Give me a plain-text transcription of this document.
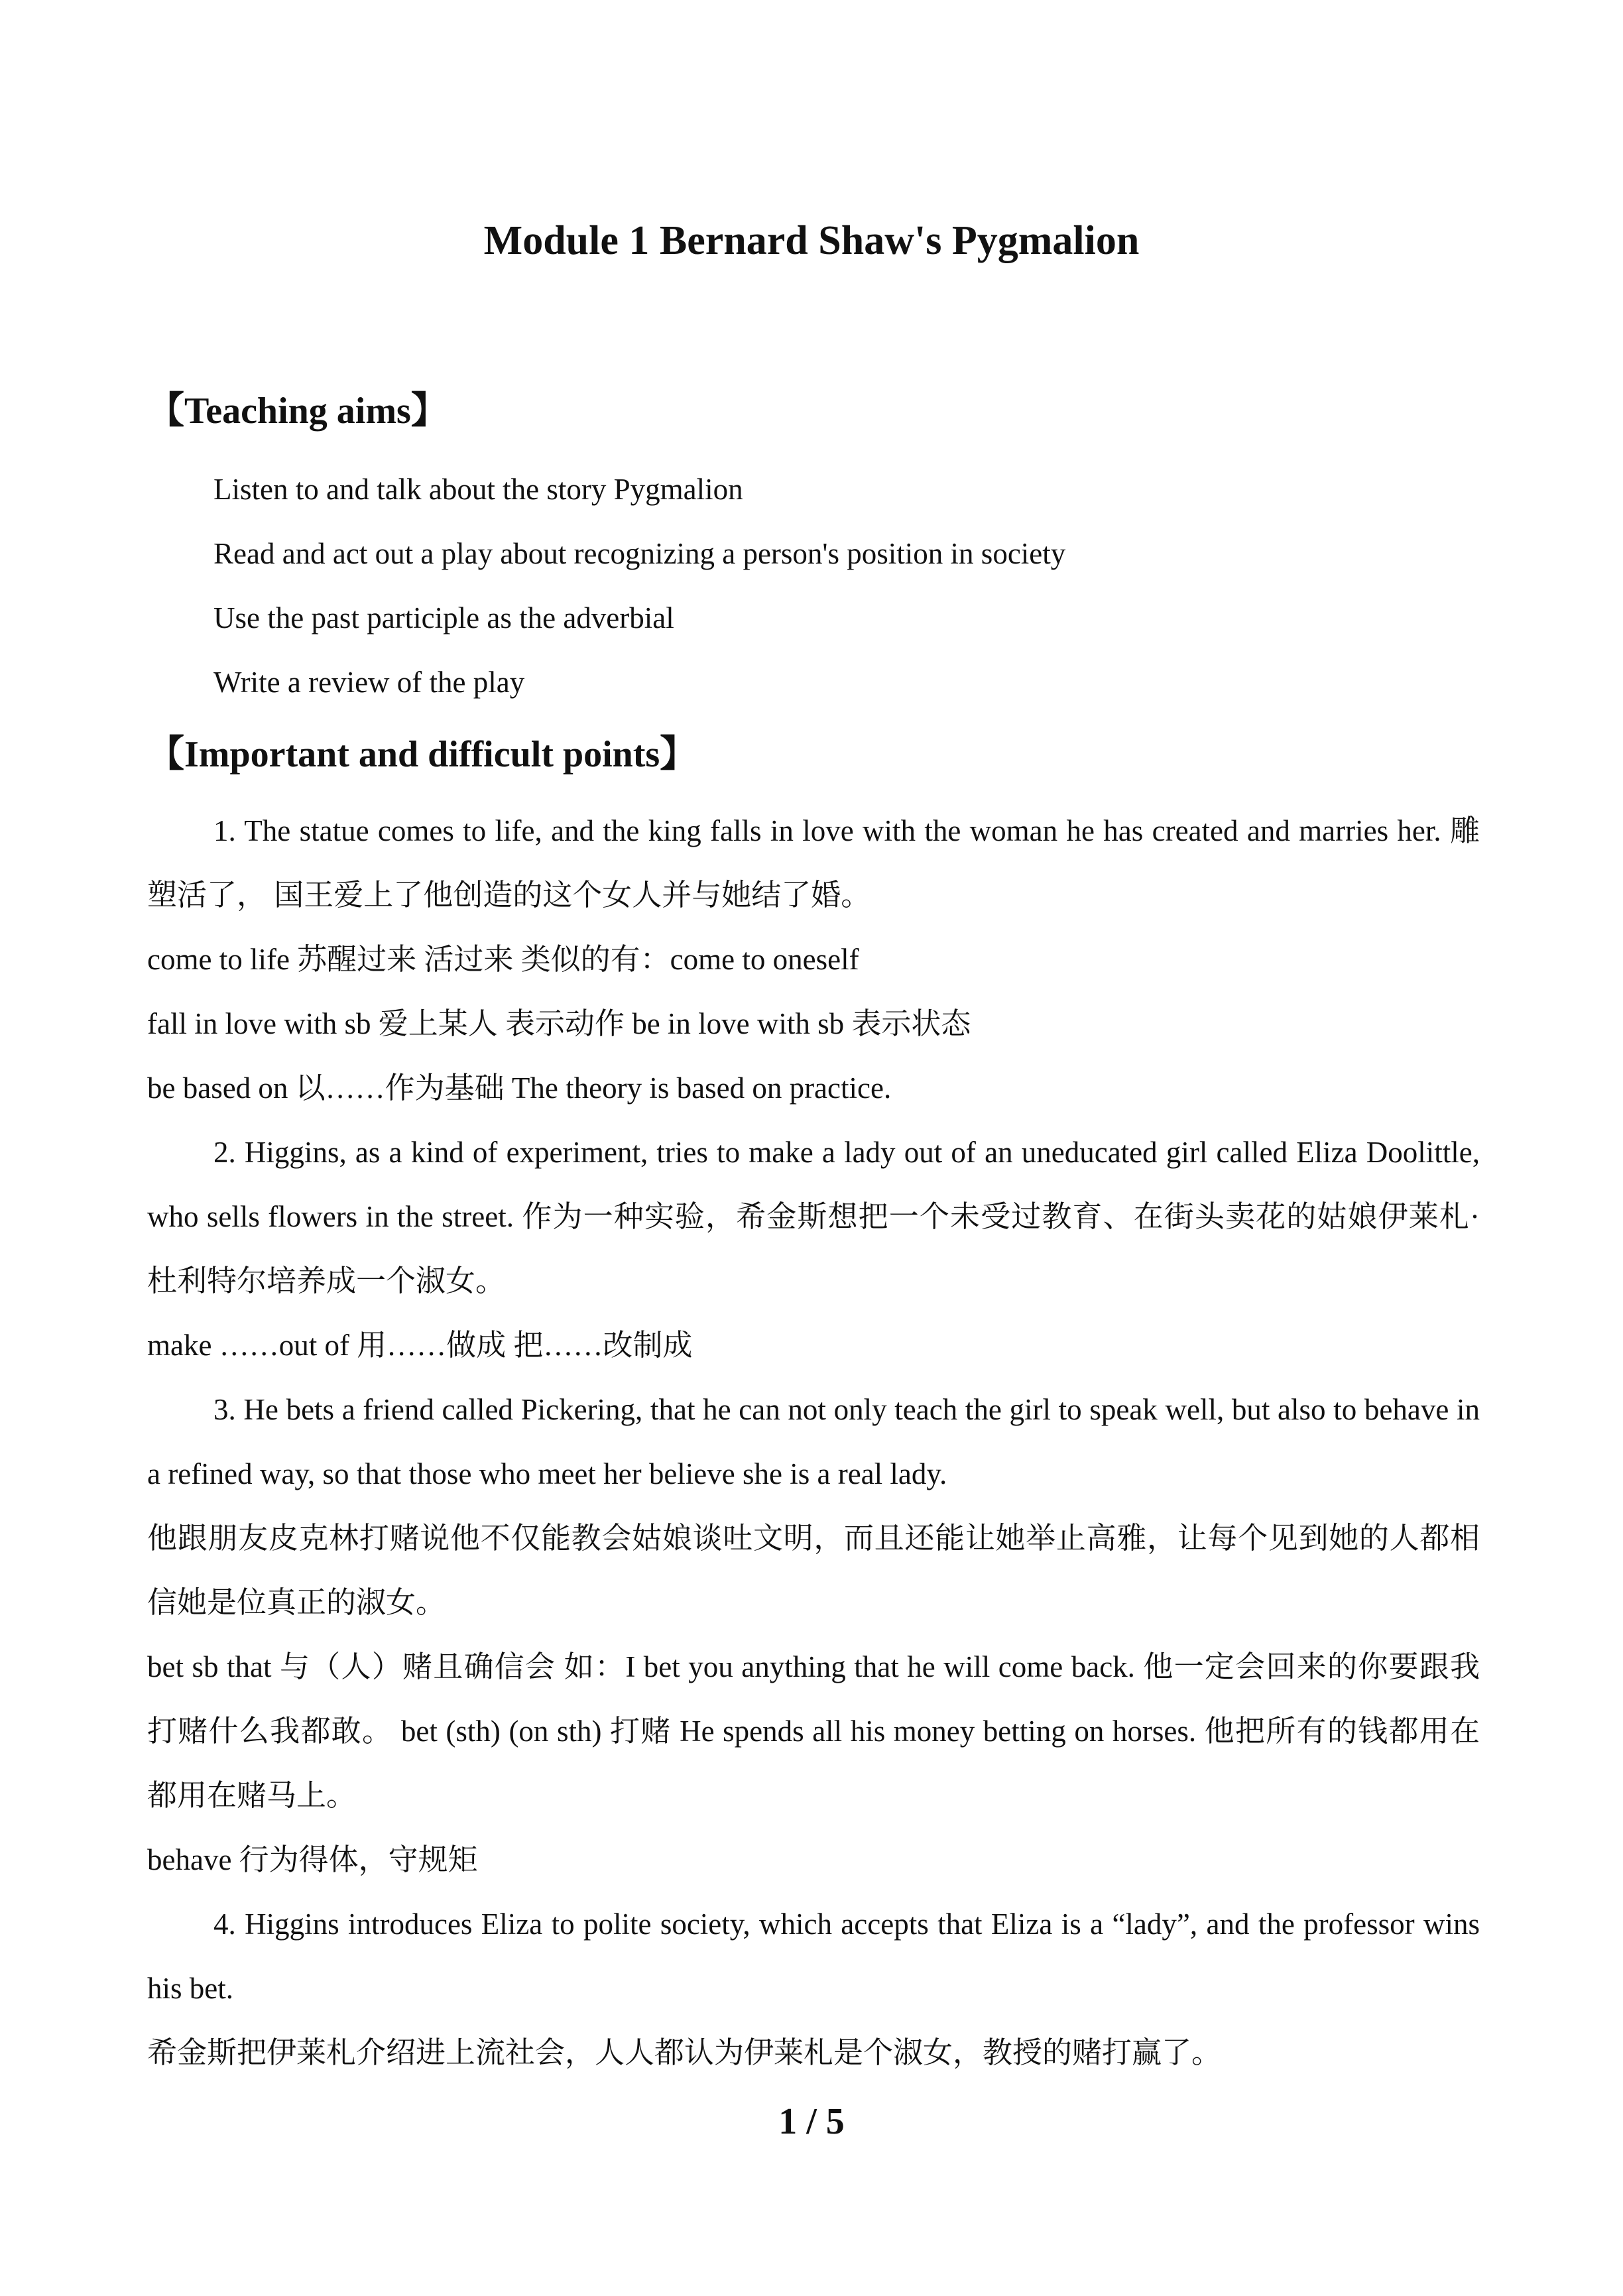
Module 1 Bernard Shaw's Pygmalion
【Teaching aims】

Listen to and talk about the story Pygmalion

Read and act out a play about recognizing a person's position in society

Use the past participle as the adverbial

Write a review of the play

【Important and difficult points】

1. The statue comes to life, and the king falls in love with the woman he has created and marries her. 雕塑活了， 国王爱上了他创造的这个女人并与她结了婚。

come to life 苏醒过来 活过来 类似的有：come to oneself

fall in love with sb 爱上某人 表示动作 be in love with sb 表示状态

be based on 以……作为基础 The theory is based on practice.

2. Higgins, as a kind of experiment, tries to make a lady out of an uneducated girl called Eliza Doolittle, who sells flowers in the street. 作为一种实验，希金斯想把一个未受过教育、在街头卖花的姑娘伊莱札·杜利特尔培养成一个淑女。

make ……out of 用……做成 把……改制成

3. He bets a friend called Pickering, that he can not only teach the girl to speak well, but also to behave in a refined way, so that those who meet her believe she is a real lady.

他跟朋友皮克林打赌说他不仅能教会姑娘谈吐文明，而且还能让她举止高雅，让每个见到她的人都相信她是位真正的淑女。

bet sb that 与（人）赌且确信会 如：I bet you anything that he will come back. 他一定会回来的你要跟我打赌什么我都敢。 bet (sth) (on sth) 打赌 He spends all his money betting on horses. 他把所有的钱都用在都用在赌马上。

behave 行为得体，守规矩

4. Higgins introduces Eliza to polite society, which accepts that Eliza is a “lady”, and the professor wins his bet.

希金斯把伊莱札介绍进上流社会，人人都认为伊莱札是个淑女，教授的赌打赢了。

1 / 5
